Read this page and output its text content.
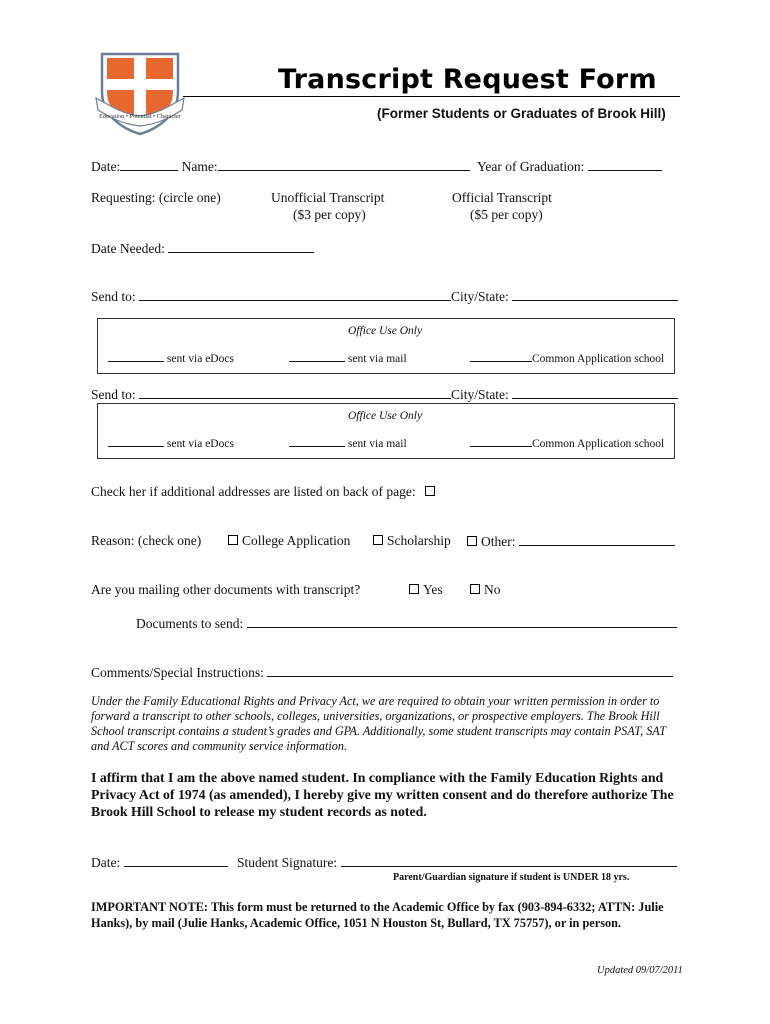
Education • Potential • Character
Transcript Request Form
(Former Students or Graduates of Brook Hill)
Date:	Name:	Year of Graduation:
Requesting: (circle one)	Unofficial Transcript
($3 per copy)
Official Transcript
($5 per copy)
Date Needed:
Send to:	City/State:
Office Use Only
sent via eDocs	sent via mail	Common Application school
Send to:	City/State:
Office Use Only
sent via eDocs	sent via mail	Common Application school
Check her if additional addresses are listed on back of page:
Reason: (check one)	College Application	Scholarship	Other:
Are you mailing other documents with transcript?	Yes	No
Documents to send:
Comments/Special Instructions:
Under the Family Educational Rights and Privacy Act, we are required to obtain your written permission in order to forward a transcript to other schools, colleges, universities, organizations, or prospective employers. The Brook Hill School transcript contains a student’s grades and GPA. Additionally, some student transcripts may contain PSAT, SAT and ACT scores and community service information.
I affirm that I am the above named student. In compliance with the Family Education Rights and Privacy Act of 1974 (as amended), I hereby give my written consent and do therefore authorize The Brook Hill School to release my student records as noted.
Date:	Student Signature:
Parent/Guardian signature if student is UNDER 18 yrs.
IMPORTANT NOTE: This form must be returned to the Academic Office by fax (903-894-6332; ATTN: Julie Hanks), by mail (Julie Hanks, Academic Office, 1051 N Houston St, Bullard, TX 75757), or in person.
Updated 09/07/2011
